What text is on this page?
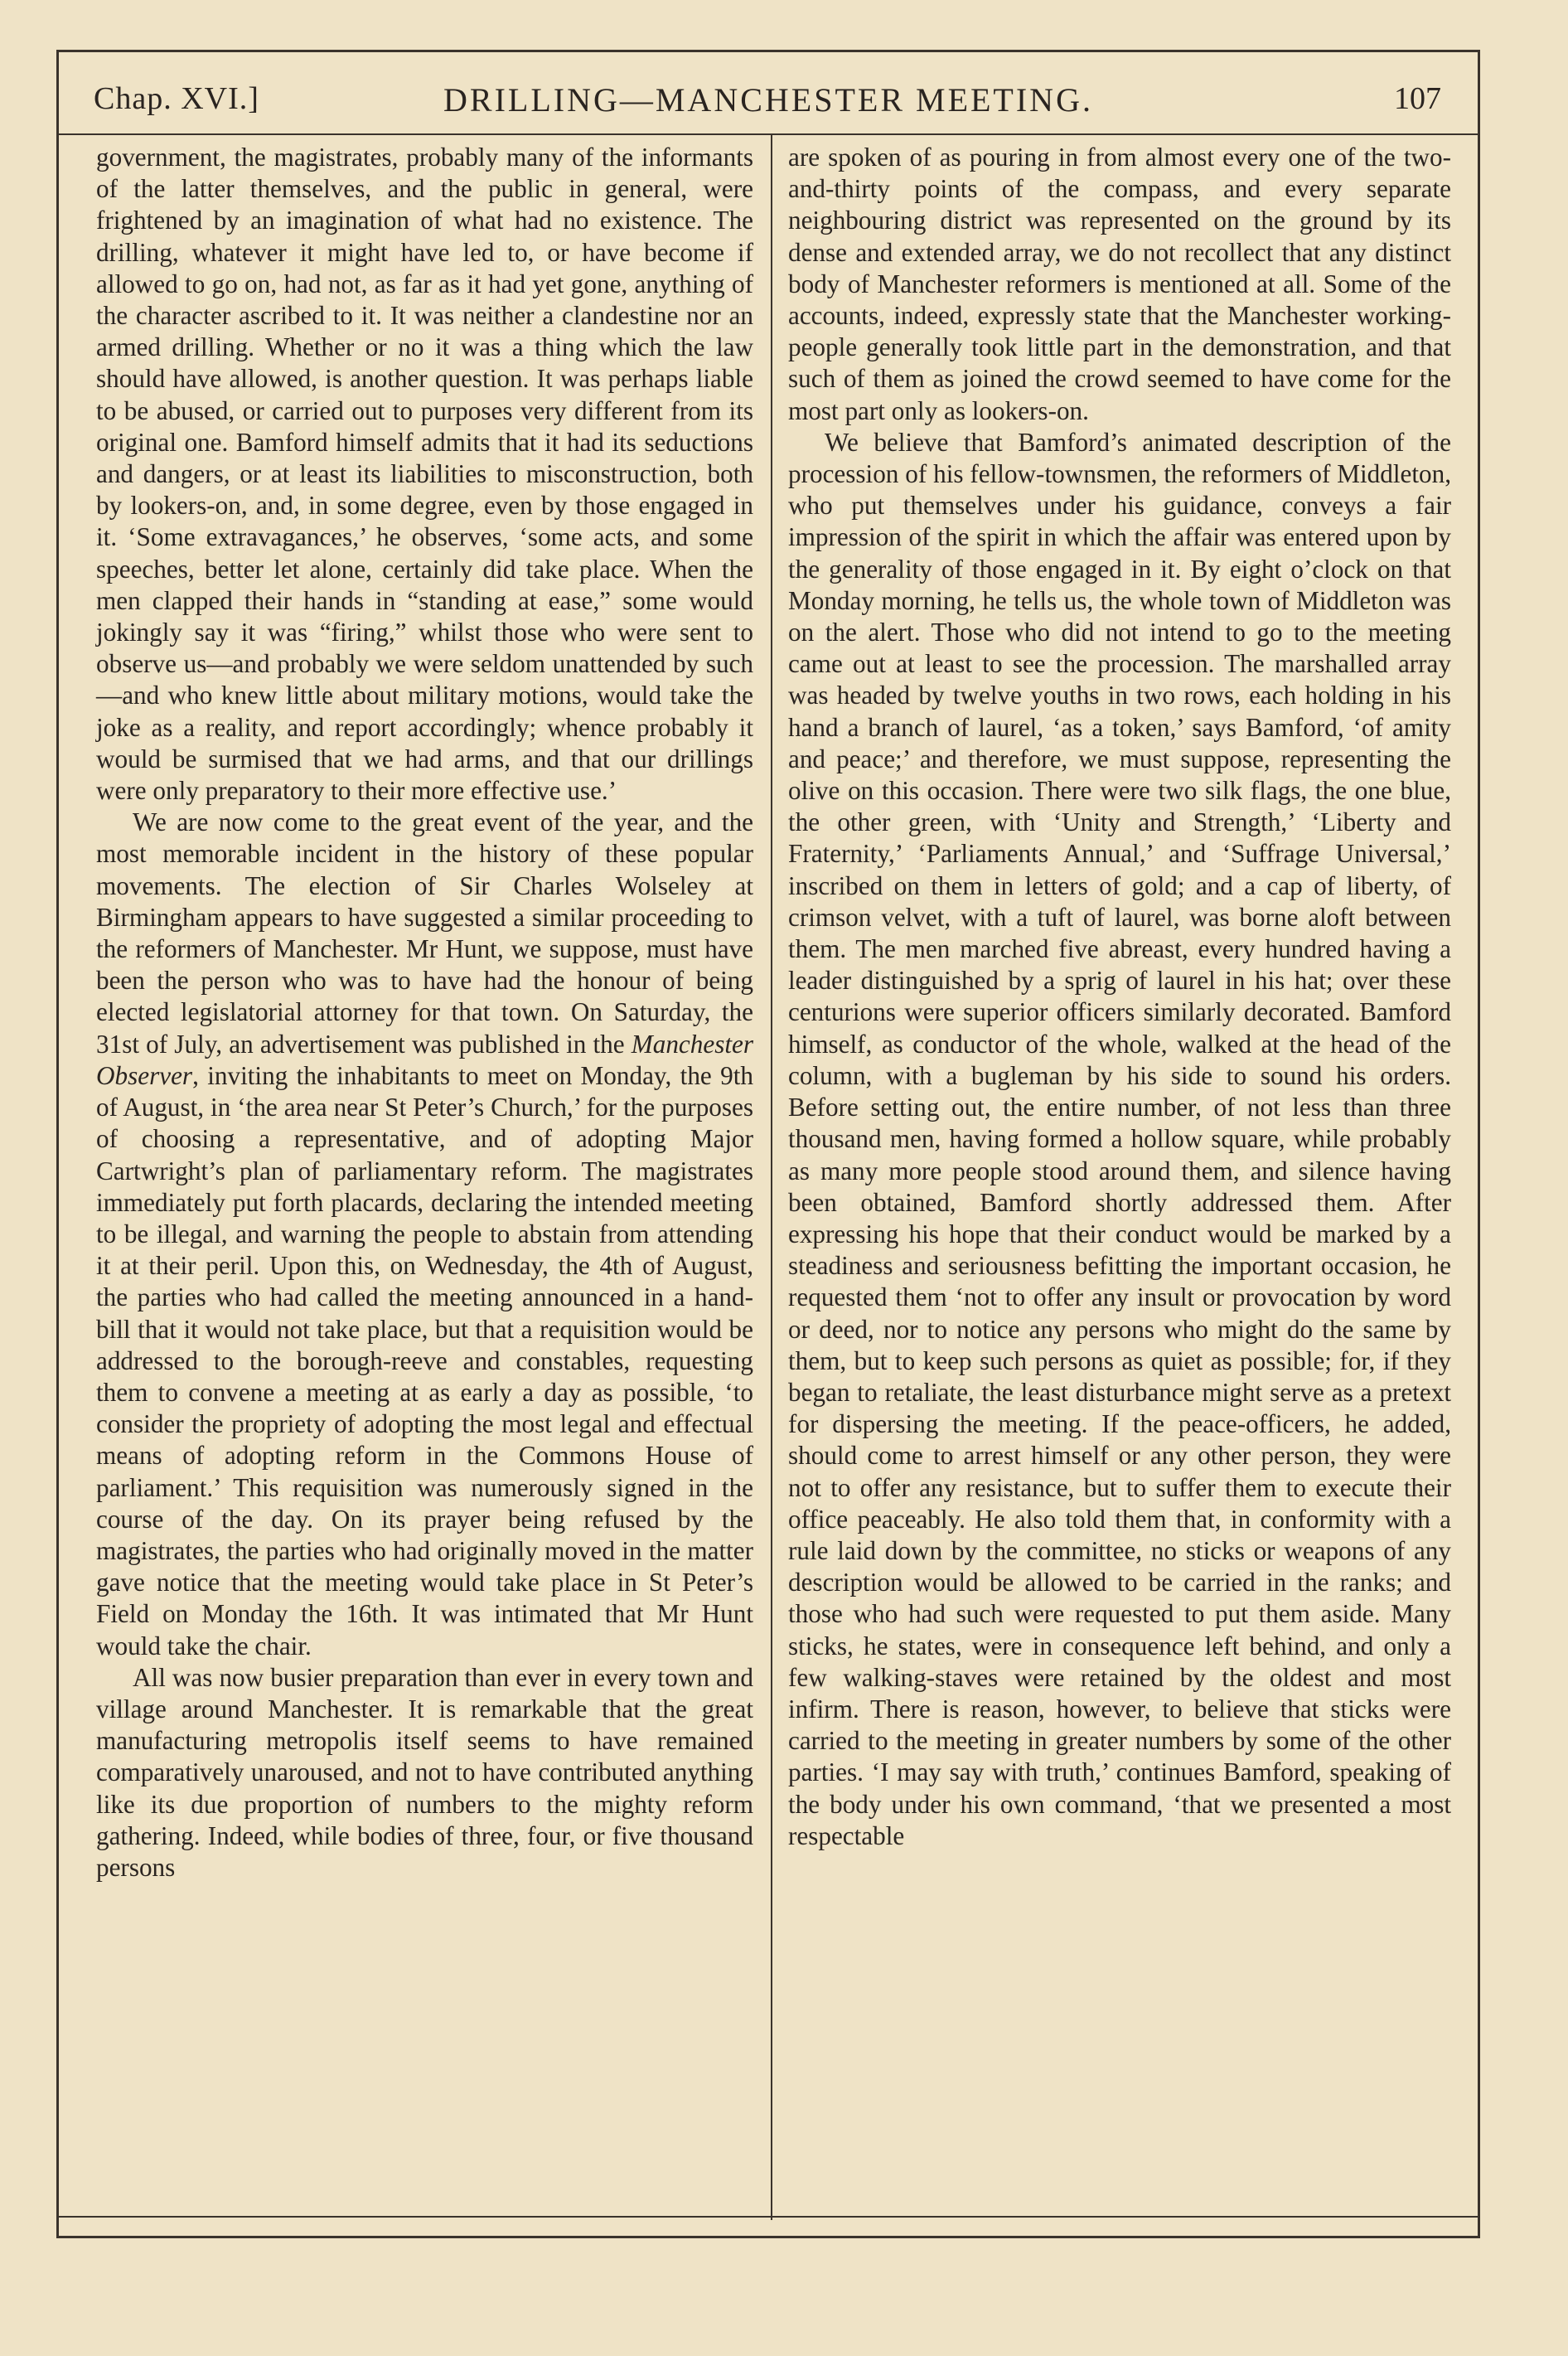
Chap. XVI.]	DRILLING—MANCHESTER MEETING.	107

government, the magistrates, probably many of the informants of the latter themselves, and the public in general, were frightened by an imagination of what had no existence. The drilling, whatever it might have led to, or have become if allowed to go on, had not, as far as it had yet gone, anything of the character ascribed to it. It was neither a clandestine nor an armed drilling. Whether or no it was a thing which the law should have allowed, is another question. It was perhaps liable to be abused, or carried out to purposes very different from its original one. Bamford himself admits that it had its seductions and dangers, or at least its liabilities to misconstruction, both by lookers-on, and, in some degree, even by those engaged in it. ‘Some extravagances,’ he observes, ‘some acts, and some speeches, better let alone, certainly did take place. When the men clapped their hands in “standing at ease,” some would jokingly say it was “firing,” whilst those who were sent to observe us—and probably we were seldom unattended by such—and who knew little about military motions, would take the joke as a reality, and report accordingly; whence probably it would be surmised that we had arms, and that our drillings were only preparatory to their more effective use.’

We are now come to the great event of the year, and the most memorable incident in the history of these popular movements. The election of Sir Charles Wolseley at Birmingham appears to have suggested a similar proceeding to the reformers of Manchester. Mr Hunt, we suppose, must have been the person who was to have had the honour of being elected legislatorial attorney for that town. On Saturday, the 31st of July, an advertisement was published in the Manchester Observer, inviting the inhabitants to meet on Monday, the 9th of August, in ‘the area near St Peter’s Church,’ for the purposes of choosing a representative, and of adopting Major Cartwright’s plan of parliamentary reform. The magistrates immediately put forth placards, declaring the intended meeting to be illegal, and warning the people to abstain from attending it at their peril. Upon this, on Wednesday, the 4th of August, the parties who had called the meeting announced in a hand-bill that it would not take place, but that a requisition would be addressed to the borough-reeve and constables, requesting them to convene a meeting at as early a day as possible, ‘to consider the propriety of adopting the most legal and effectual means of adopting reform in the Commons House of parliament.’ This requisition was numerously signed in the course of the day. On its prayer being refused by the magistrates, the parties who had originally moved in the matter gave notice that the meeting would take place in St Peter’s Field on Monday the 16th. It was intimated that Mr Hunt would take the chair.

All was now busier preparation than ever in every town and village around Manchester. It is remarkable that the great manufacturing metropolis itself seems to have remained comparatively unaroused, and not to have contributed anything like its due proportion of numbers to the mighty reform gathering. Indeed, while bodies of three, four, or five thousand persons

are spoken of as pouring in from almost every one of the two-and-thirty points of the compass, and every separate neighbouring district was represented on the ground by its dense and extended array, we do not recollect that any distinct body of Manchester reformers is mentioned at all. Some of the accounts, indeed, expressly state that the Manchester working-people generally took little part in the demonstration, and that such of them as joined the crowd seemed to have come for the most part only as lookers-on.

We believe that Bamford’s animated description of the procession of his fellow-townsmen, the reformers of Middleton, who put themselves under his guidance, conveys a fair impression of the spirit in which the affair was entered upon by the generality of those engaged in it. By eight o’clock on that Monday morning, he tells us, the whole town of Middleton was on the alert. Those who did not intend to go to the meeting came out at least to see the procession. The marshalled array was headed by twelve youths in two rows, each holding in his hand a branch of laurel, ‘as a token,’ says Bamford, ‘of amity and peace;’ and therefore, we must suppose, representing the olive on this occasion. There were two silk flags, the one blue, the other green, with ‘Unity and Strength,’ ‘Liberty and Fraternity,’ ‘Parliaments Annual,’ and ‘Suffrage Universal,’ inscribed on them in letters of gold; and a cap of liberty, of crimson velvet, with a tuft of laurel, was borne aloft between them. The men marched five abreast, every hundred having a leader distinguished by a sprig of laurel in his hat; over these centurions were superior officers similarly decorated. Bamford himself, as conductor of the whole, walked at the head of the column, with a bugleman by his side to sound his orders. Before setting out, the entire number, of not less than three thousand men, having formed a hollow square, while probably as many more people stood around them, and silence having been obtained, Bamford shortly addressed them. After expressing his hope that their conduct would be marked by a steadiness and seriousness befitting the important occasion, he requested them ‘not to offer any insult or provocation by word or deed, nor to notice any persons who might do the same by them, but to keep such persons as quiet as possible; for, if they began to retaliate, the least disturbance might serve as a pretext for dispersing the meeting. If the peace-officers, he added, should come to arrest himself or any other person, they were not to offer any resistance, but to suffer them to execute their office peaceably. He also told them that, in conformity with a rule laid down by the committee, no sticks or weapons of any description would be allowed to be carried in the ranks; and those who had such were requested to put them aside. Many sticks, he states, were in consequence left behind, and only a few walking-staves were retained by the oldest and most infirm. There is reason, however, to believe that sticks were carried to the meeting in greater numbers by some of the other parties. ‘I may say with truth,’ continues Bamford, speaking of the body under his own command, ‘that we presented a most respectable
